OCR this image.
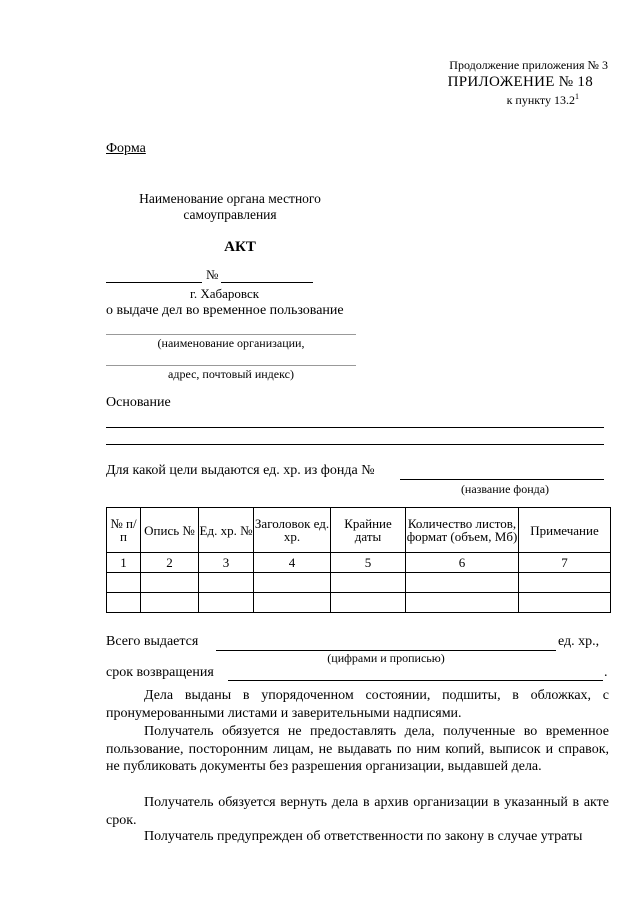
Продолжение приложения № 3
ПРИЛОЖЕНИЕ № 18
к пункту 13.2$^1$
Форма
Наименование органа местного самоуправления
АКТ
№
г. Хабаровск
о выдаче дел во временное пользование
(наименование организации,
адрес, почтовый индекс)
Основание
Для какой цели выдаются ед. хр. из фонда №
(название фонда)
№ п/п	Опись №	Ед. хр. №	Заголовок ед. хр.	Крайние даты	Количество листов, формат (объем, Мб)	Примечание
1	2	3	4	5	6	7

Всего выдается	ед. хр.,
(цифрами и прописью)
срок возвращения	.

Дела выданы в упорядоченном состоянии, подшиты, в обложках, с пронумерованными листами и заверительными надписями.

Получатель обязуется не предоставлять дела, полученные во временное пользование, посторонним лицам, не выдавать по ним копий, выписок и справок, не публиковать документы без разрешения организации, выдавшей дела.

Получатель обязуется вернуть дела в архив организации в указанный в акте срок.

Получатель предупрежден об ответственности по закону в случае утраты
